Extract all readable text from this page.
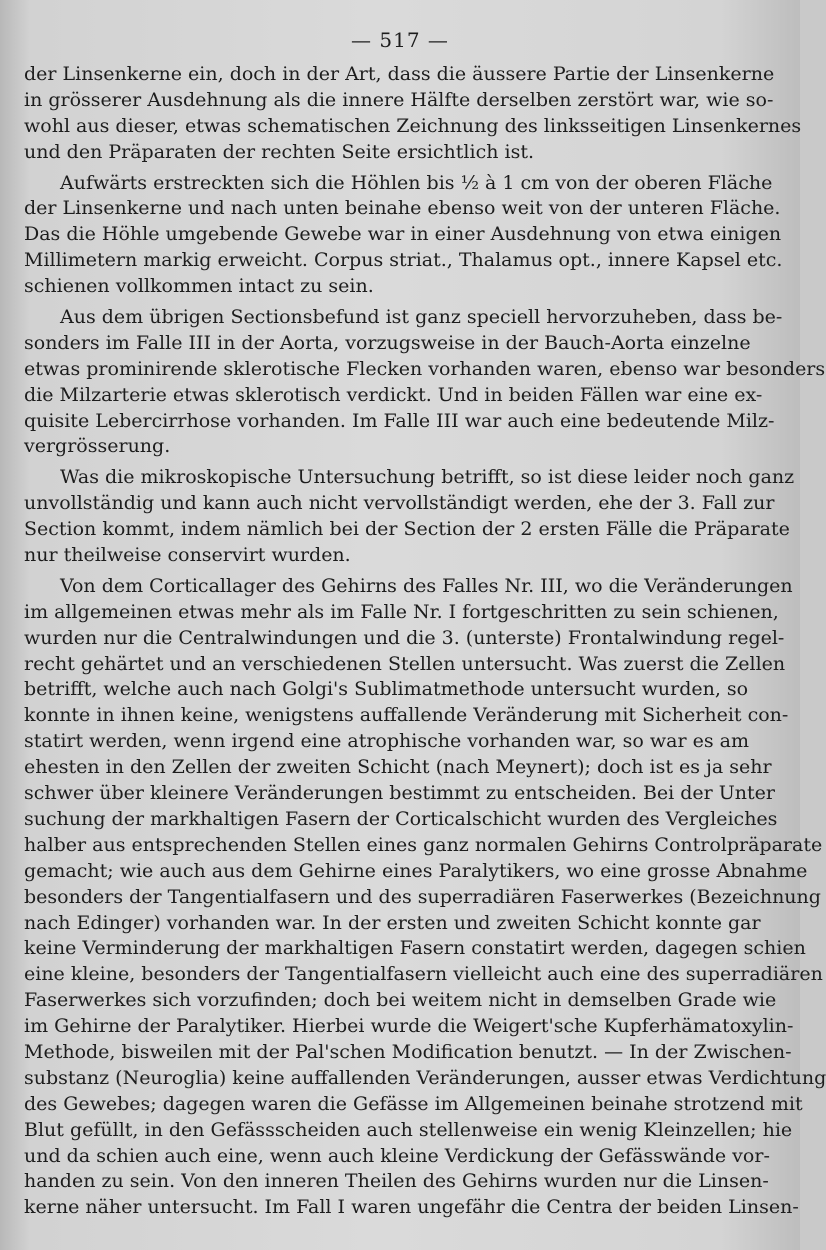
— 517 —
der Linsenkerne ein, doch in der Art, dass die äussere Partie der Linsenkerne
in grösserer Ausdehnung als die innere Hälfte derselben zerstört war, wie so-
wohl aus dieser, etwas schematischen Zeichnung des linksseitigen Linsenkernes
und den Präparaten der rechten Seite ersichtlich ist.
Aufwärts erstreckten sich die Höhlen bis ½ à 1 cm von der oberen Fläche
der Linsenkerne und nach unten beinahe ebenso weit von der unteren Fläche.
Das die Höhle umgebende Gewebe war in einer Ausdehnung von etwa einigen
Millimetern markig erweicht. Corpus striat., Thalamus opt., innere Kapsel etc.
schienen vollkommen intact zu sein.
Aus dem übrigen Sectionsbefund ist ganz speciell hervorzuheben, dass be-
sonders im Falle III in der Aorta, vorzugsweise in der Bauch-Aorta einzelne
etwas prominirende sklerotische Flecken vorhanden waren, ebenso war besonders
die Milzarterie etwas sklerotisch verdickt. Und in beiden Fällen war eine ex-
quisite Lebercirrhose vorhanden. Im Falle III war auch eine bedeutende Milz-
vergrösserung.
Was die mikroskopische Untersuchung betrifft, so ist diese leider noch ganz
unvollständig und kann auch nicht vervollständigt werden, ehe der 3. Fall zur
Section kommt, indem nämlich bei der Section der 2 ersten Fälle die Präparate
nur theilweise conservirt wurden.
Von dem Corticallager des Gehirns des Falles Nr. III, wo die Veränderungen
im allgemeinen etwas mehr als im Falle Nr. I fortgeschritten zu sein schienen,
wurden nur die Centralwindungen und die 3. (unterste) Frontalwindung regel-
recht gehärtet und an verschiedenen Stellen untersucht. Was zuerst die Zellen
betrifft, welche auch nach Golgi's Sublimatmethode untersucht wurden, so
konnte in ihnen keine, wenigstens auffallende Veränderung mit Sicherheit con-
statirt werden, wenn irgend eine atrophische vorhanden war, so war es am
ehesten in den Zellen der zweiten Schicht (nach Meynert); doch ist es ja sehr
schwer über kleinere Veränderungen bestimmt zu entscheiden. Bei der Unter
suchung der markhaltigen Fasern der Corticalschicht wurden des Vergleiches
halber aus entsprechenden Stellen eines ganz normalen Gehirns Controlpräparate
gemacht; wie auch aus dem Gehirne eines Paralytikers, wo eine grosse Abnahme
besonders der Tangentialfasern und des superradiären Faserwerkes (Bezeichnung
nach Edinger) vorhanden war. In der ersten und zweiten Schicht konnte gar
keine Verminderung der markhaltigen Fasern constatirt werden, dagegen schien
eine kleine, besonders der Tangentialfasern vielleicht auch eine des superradiären
Faserwerkes sich vorzufinden; doch bei weitem nicht in demselben Grade wie
im Gehirne der Paralytiker. Hierbei wurde die Weigert'sche Kupferhämatoxylin-
Methode, bisweilen mit der Pal'schen Modification benutzt. — In der Zwischen-
substanz (Neuroglia) keine auffallenden Veränderungen, ausser etwas Verdichtung
des Gewebes; dagegen waren die Gefässe im Allgemeinen beinahe strotzend mit
Blut gefüllt, in den Gefässscheiden auch stellenweise ein wenig Kleinzellen; hie
und da schien auch eine, wenn auch kleine Verdickung der Gefässwände vor-
handen zu sein. Von den inneren Theilen des Gehirns wurden nur die Linsen-
kerne näher untersucht. Im Fall I waren ungefähr die Centra der beiden Linsen-
